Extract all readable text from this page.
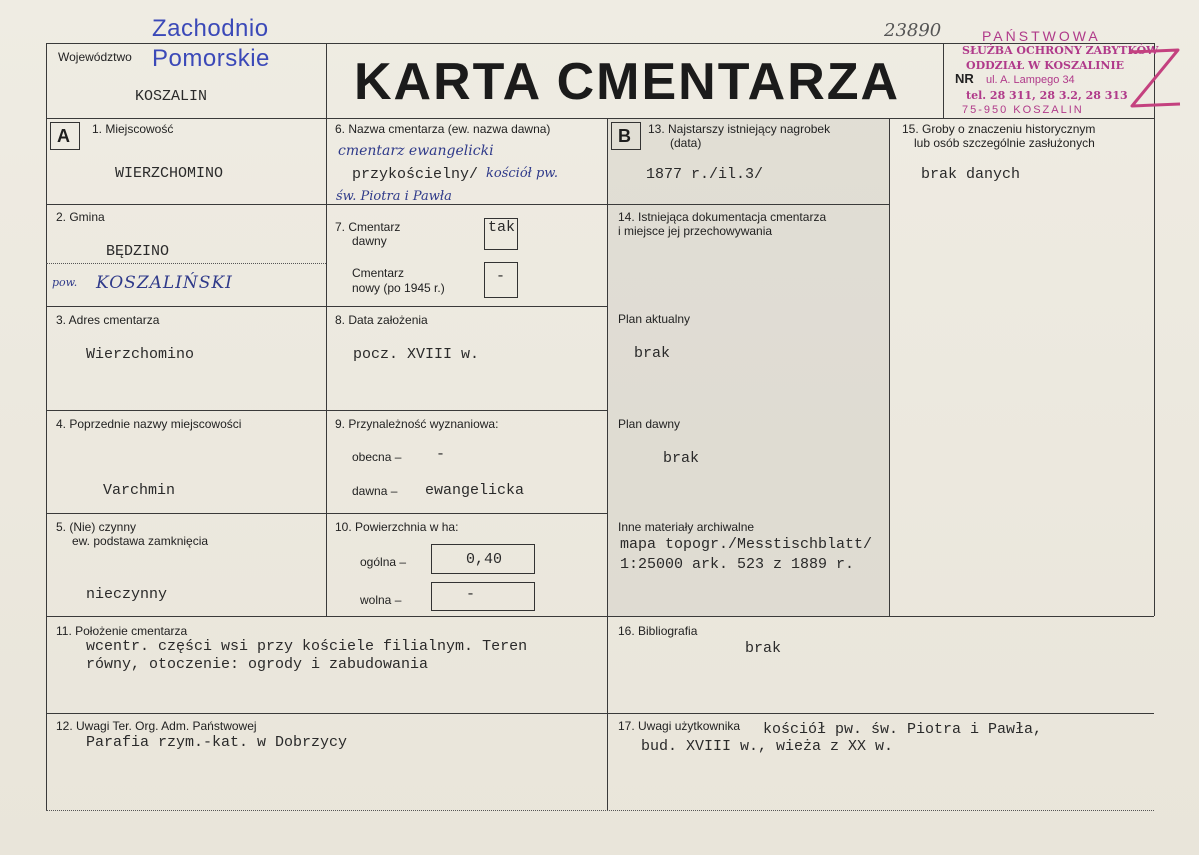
Zachodnio
Pomorskie
Województwo
KOSZALIN	KARTA CMENTARZA
23890
NR
PAŃSTWOWA
SŁUŻBA OCHRONY ZABYTKÓW
ODDZIAŁ W KOSZALINIE
ul. A. Lampego 34
tel. 28 311, 28 3.2, 28 313
75-950 KOSZALIN
A	B
1. Miejscowość
WIERZCHOMINO
2. Gmina
BĘDZINO
pow. KOSZALIŃSKI
3. Adres cmentarza
Wierzchomino
4. Poprzednie nazwy miejscowości
Varchmin
5. (Nie) czynny
ew. podstawa zamknięcia
nieczynny
6. Nazwa cmentarza (ew. nazwa dawna)
cmentarz ewangelicki
przykościelny/ kościół pw.
św. Piotra i Pawła
7. Cmentarz
dawny
tak
Cmentarz
nowy (po 1945 r.)
-
8. Data założenia
pocz. XVIII w.
9. Przynależność wyznaniowa:
obecna – -
dawna – ewangelicka
10. Powierzchnia w ha:
ogólna –	0,40
wolna –	-
13. Najstarszy istniejący nagrobek
(data)
1877 r./il.3/
14. Istniejąca dokumentacja cmentarza
i miejsce jej przechowywania
Plan aktualny
brak
Plan dawny
brak
Inne materiały archiwalne
mapa topogr./Messtischblatt/
1:25000 ark. 523 z 1889 r.
15. Groby o znaczeniu historycznym
lub osób szczególnie zasłużonych
brak danych
11. Położenie cmentarza
wcentr. części wsi przy kościele filialnym. Teren
równy, otoczenie: ogrody i zabudowania
16. Bibliografia
brak
12. Uwagi Ter. Org. Adm. Państwowej
Parafia rzym.-kat. w Dobrzycy
17. Uwagi użytkownika kościół pw. św. Piotra i Pawła,
bud. XVIII w., wieża z XX w.
